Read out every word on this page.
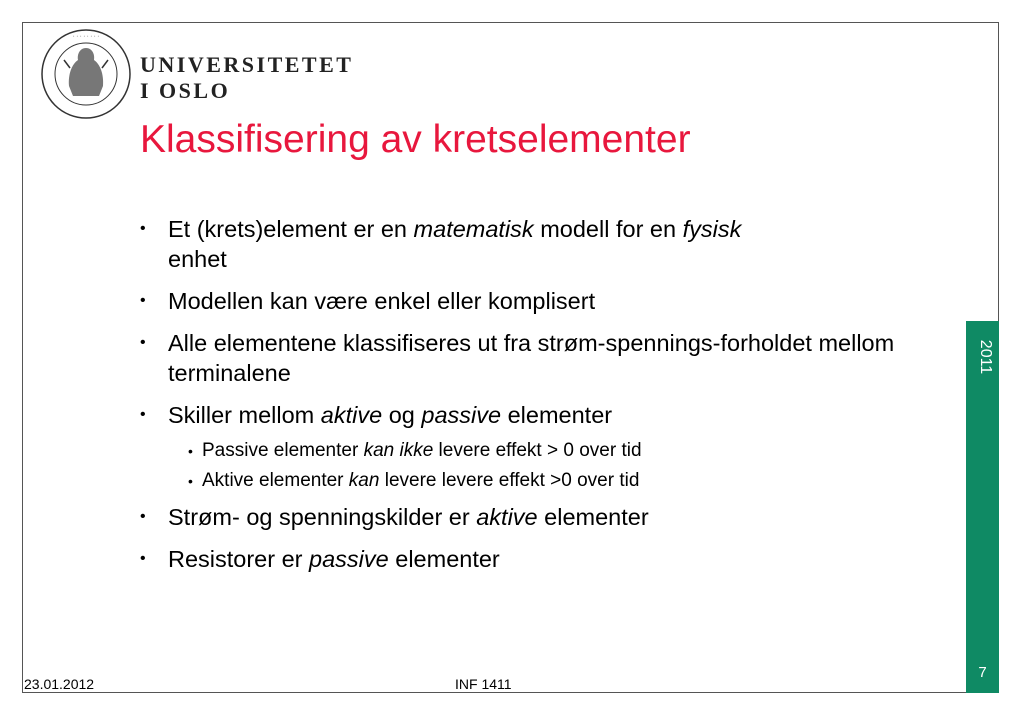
· · · · · · · ·
UNIVERSITETET
I OSLO
Klassifisering av kretselementer
• Et (krets)element er en matematisk modell for en fysisk
enhet
• Modellen kan være enkel eller komplisert
• Alle elementene klassifiseres ut fra strøm-spennings-forholdet mellom terminalene
• Skiller mellom aktive og passive elementer
• Passive elementer kan ikke levere effekt > 0 over tid
• Aktive elementer kan levere levere effekt >0 over tid
• Strøm- og spenningskilder er aktive elementer
• Resistorer er passive elementer
2011
7
23.01.2012	INF 1411
